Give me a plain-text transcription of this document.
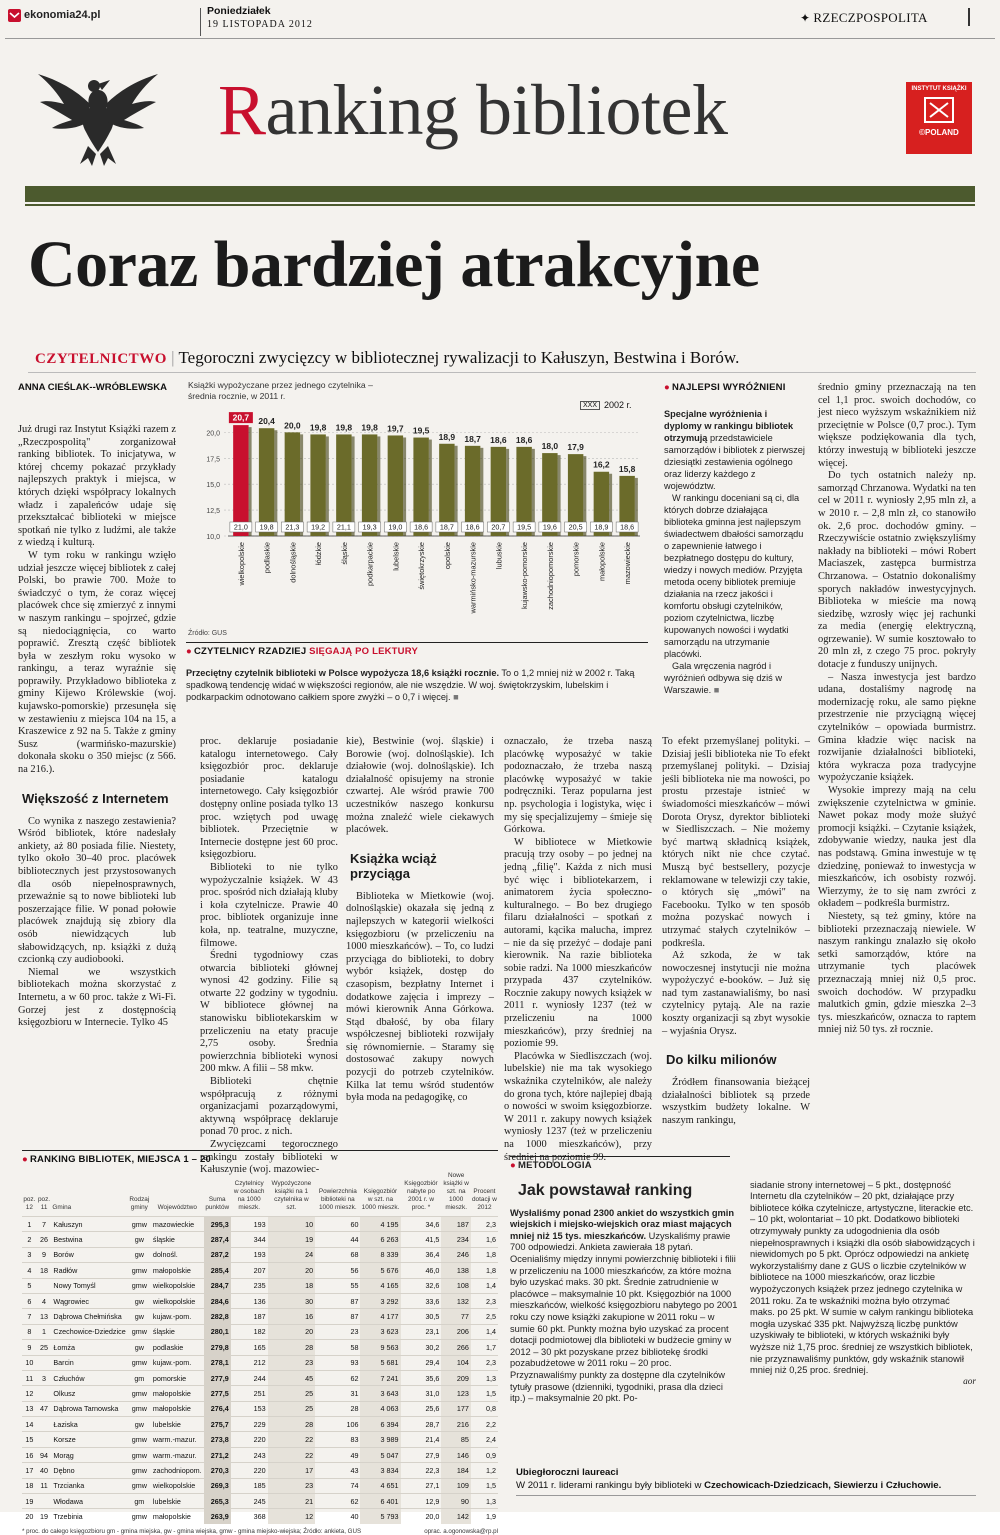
ekonomia24.pl	Poniedziałek
19 LISTOPADA 2012	✦ RZECZPOSPOLITA
Ranking bibliotek	INSTYTUT KSIĄŻKI
©POLAND
Coraz bardziej atrakcyjne
CZYTELNICTWO | Tegoroczni zwycięzcy w bibliotecznej rywalizacji to Kałuszyn, Bestwina i Borów.
ANNA CIEŚLAK--WRÓBLEWSKA

Już drugi raz Instytut Książki razem z „Rzeczpospolitą" zorganizował ranking bibliotek. To inicjatywa, w której chcemy pokazać przykłady najlepszych praktyk i miejsca, w których dzięki współpracy lokalnych władz i zapaleńców udaje się przekształcać biblioteki w miejsce spotkań nie tylko z ludźmi, ale także z wiedzą i kulturą.

W tym roku w rankingu wzięło udział jeszcze więcej bibliotek z całej Polski, bo prawie 700. Może to świadczyć o tym, że coraz więcej placówek chce się zmierzyć z innymi w naszym rankingu – spojrzeć, gdzie są niedociągnięcia, co warto poprawić. Zresztą część bibliotek była w zeszłym roku wysoko w rankingu, a teraz wyraźnie się poprawiły. Przykładowo biblioteka z gminy Kijewo Królewskie (woj. kujawsko-pomorskie) przesunęła się w zestawieniu z miejsca 104 na 15, a Kraszewice z 92 na 5. Także z gminy Susz (warmińsko-mazurskie) dokonała skoku o 350 miejsc (z 566. na 216.).

Większość z Internetem

Co wynika z naszego zestawienia? Wśród bibliotek, które nadesłały ankiety, aż 80 posiada filie. Niestety, tylko około 30–40 proc. placówek bibliotecznych jest przystosowanych dla osób niepełnosprawnych, przeważnie są to nowe biblioteki lub poszerzające filie. W ponad połowie placówek znajdują się zbiory dla osób niewidzących lub słabowidzących, np. książki z dużą czcionką czy audiobooki.

Niemal we wszystkich bibliotekach można skorzystać z Internetu, a w 60 proc. także z Wi-Fi. Gorzej jest z dostępnością księgozbioru w Internecie. Tylko 45

Książki wypożyczane przez jednego czytelnika – średnia rocznie, w 2011 r.
XXX 2002 r.
10,0
12,5
15,0
17,5
20,0
20,7
21,0
wielkopolskie
20,4
19,8
podlaskie
20,0
21,3
dolnośląskie
19,8
19,2
łódzkie
19,8
21,1
śląskie
19,8
19,3
podkarpackie
19,7
19,0
lubelskie
19,5
18,6
świętokrzyskie
18,9
18,7
opolskie
18,7
18,6
warmińsko-mazurskie
18,6
20,7
lubuskie
18,6
19,5
kujawsko-pomorskie
18,0
19,6
zachodniopomorskie
17,9
20,5
pomorskie
16,2
18,9
małopolskie
15,8
18,6
mazowieckie
Źródło: GUS
● CZYTELNICY RZADZIEJ SIĘGAJĄ PO LEKTURY
Przeciętny czytelnik biblioteki w Polsce wypożycza 18,6 książki rocznie. To o 1,2 mniej niż w 2002 r. Taką spadkową tendencję widać w większości regionów, ale nie wszędzie. W woj. świętokrzyskim, lubelskim i podkarpackim odnotowano całkiem spore zwyżki – o 0,7 i więcej. ■
● NAJLEPSI WYRÓŻNIENI
Specjalne wyróżnienia i dyplomy w rankingu bibliotek otrzymują przedstawiciele samorządów i bibliotek z pierwszej dziesiątki zestawienia ogólnego oraz liderzy każdego z województw.
W rankingu doceniani są ci, dla których dobrze działająca biblioteka gminna jest najlepszym świadectwem dbałości samorządu o zapewnienie łatwego i bezpłatnego dostępu do kultury, wiedzy i nowych mediów. Przyjęta metoda oceny bibliotek premiuje działania na rzecz jakości i komfortu obsługi czytelników, poziom czytelnictwa, liczbę kupowanych nowości i wydatki samorządu na utrzymanie placówki.
Gala wręczenia nagród i wyróżnień odbywa się dziś w Warszawie. ■

średnio gminy przeznaczają na ten cel 1,1 proc. swoich dochodów, co jest nieco wyższym wskaźnikiem niż przeciętnie w Polsce (0,7 proc.). Tym większe podziękowania dla tych, którzy inwestują w biblioteki jeszcze więcej.

Do tych ostatnich należy np. samorząd Chrzanowa. Wydatki na ten cel w 2011 r. wyniosły 2,95 mln zł, a w 2010 r. – 2,8 mln zł, co stanowiło ok. 2,6 proc. dochodów gminy. – Rzeczywiście ostatnio zwiększyliśmy nakłady na biblioteki – mówi Robert Maciaszek, zastępca burmistrza Chrzanowa. – Ostatnio dokonaliśmy sporych nakładów inwestycyjnych. Biblioteka w mieście ma nową siedzibę, wzrosły więc jej rachunki za media (energię elektryczną, ogrzewanie). W sumie kosztowało to 20 mln zł, z czego 75 proc. pokryły dotacje z funduszy unijnych.

– Nasza inwestycja jest bardzo udana, dostaliśmy nagrodę na modernizację roku, ale samo piękne przestrzenie nie przyciągną więcej czytelników – opowiada burmistrz. Gmina kładzie więc nacisk na rozwijanie działalności biblioteki, która wykracza poza tradycyjne wypożyczanie książek.

Wysokie imprezy mają na celu zwiększenie czytelnictwa w gminie. Nawet pokaz mody może służyć promocji książki. – Czytanie książek, zdobywanie wiedzy, nauka jest dla nas podstawą. Gmina inwestuje w tę dziedzinę, ponieważ to inwestycja w mieszkańców, ich osobisty rozwój. Wierzymy, że to się nam zwróci z okładem – podkreśla burmistrz.

Niestety, są też gminy, które na biblioteki przeznaczają niewiele. W naszym rankingu znalazło się około setki samorządów, które na utrzymanie tych placówek przeznaczają mniej niż 0,5 proc. swoich dochodów. W przypadku malutkich gmin, gdzie mieszka 2–3 tys. mieszkańców, oznacza to raptem mniej niż 50 tys. zł rocznie.

proc. deklaruje posiadanie katalogu internetowego. Cały księgozbiór proc. deklaruje posiadanie katalogu internetowego. Cały księgozbiór dostępny online posiada tylko 13 proc. wziętych pod uwagę bibliotek. Przeciętnie w Internecie dostępne jest 60 proc. księgozbioru.

Biblioteki to nie tylko wypożyczalnie książek. W 43 proc. spośród nich działają kluby i koła czytelnicze. Prawie 40 proc. bibliotek organizuje inne koła, np. teatralne, muzyczne, filmowe.

Średni tygodniowy czas otwarcia biblioteki głównej wynosi 42 godziny. Filie są otwarte 22 godziny w tygodniu. W bibliotece głównej na stanowisku bibliotekarskim w przeliczeniu na etaty pracuje 2,75 osoby. Średnia powierzchnia biblioteki wynosi 200 mkw. A filii – 58 mkw.

Biblioteki chętnie współpracują z różnymi organizacjami pozarządowymi, aktywną współpracę deklaruje ponad 70 proc. z nich.

Zwycięzcami tegorocznego rankingu zostały biblioteki w Kałuszynie (woj. mazowiec-

kie), Bestwinie (woj. śląskie) i Borowie (woj. dolnośląskie). Ich działowie (woj. dolnośląskie). Ich działalność opisujemy na stronie czwartej. Ale wśród prawie 700 uczestników naszego konkursu można znaleźć wiele ciekawych placówek.

Książka wciąż przyciąga

Biblioteka w Mietkowie (woj. dolnośląskie) okazała się jedną z najlepszych w kategorii wielkości księgozbioru (w przeliczeniu na 1000 mieszkańców). – To, co ludzi przyciąga do biblioteki, to dobry wybór książek, dostęp do czasopism, bezpłatny Internet i dodatkowe zajęcia i imprezy – mówi kierownik Anna Górkowa. Stąd dbałość, by oba filary współczesnej biblioteki rozwijały się równomiernie. – Staramy się dostosować zakupy nowych pozycji do potrzeb czytelników. Kilka lat temu wśród studentów była moda na pedagogikę, co

oznaczało, że trzeba naszą placówkę wyposażyć w takie podoznaczało, że trzeba naszą placówkę wyposażyć w takie podręczniki. Teraz popularna jest np. psychologia i logistyka, więc i my się specjalizujemy – śmieje się Górkowa.

W bibliotece w Mietkowie pracują trzy osoby – po jednej na jedną „filię". Każda z nich musi być więc i bibliotekarzem, i animatorem życia społeczno-kulturalnego. – Bo bez drugiego filaru działalności – spotkań z autorami, kącika malucha, imprez – nie da się przeżyć – dodaje pani kierownik. Na razie biblioteka sobie radzi. Na 1000 mieszkańców przypada 437 czytelników. Rocznie zakupy nowych książek w 2011 r. wyniosły 1237 (też w przeliczeniu na 1000 mieszkańców), przy średniej na poziomie 99.

Placówka w Siedliszczach (woj. lubelskie) nie ma tak wysokiego wskaźnika czytelników, ale należy do grona tych, które najlepiej dbają o nowości w swoim księgozbiorze. W 2011 r. zakupy nowych książek wyniosły 1237 (też w przeliczeniu na 1000 mieszkańców), przy średniej na poziomie 99.

To efekt przemyślanej polityki. – Dzisiaj jeśli biblioteka nie To efekt przemyślanej polityki. – Dzisiaj jeśli biblioteka nie ma nowości, po prostu przestaje istnieć w świadomości mieszkańców – mówi Dorota Orysz, dyrektor biblioteki w Siedliszczach. – Nie możemy być martwą składnicą książek, których nikt nie chce czytać. Muszą być bestsellery, pozycje reklamowane w telewizji czy takie, o których się „mówi" na Facebooku. Tylko w ten sposób można pozyskać nowych i utrzymać stałych czytelników – podkreśla.

Aż szkoda, że w tak nowoczesnej instytucji nie można wypożyczyć e-booków. – Już się nad tym zastanawialiśmy, bo nasi czytelnicy pytają. Ale na razie koszty organizacji są zbyt wysokie – wyjaśnia Orysz.

Do kilku milionów

Źródłem finansowania bieżącej działalności bibliotek są przede wszystkim budżety lokalne. W naszym rankingu,

● RANKING BIBLIOTEK, MIEJSCA 1 – 20
poz. 12	poz. 11	Gmina	Rodzaj gminy	Województwo	Suma punktów	Czytelnicy w osobach na 1000 mieszk.	Wypożyczone książki na 1 czytelnika w szt.	Powierzchnia biblioteki na 1000 mieszk.	Księgozbiór w szt. na 1000 mieszk.	Księgozbiór nabyte po 2001 r. w proc. *	Nowe książki w szt. na 1000 mieszk.	Procent dotacji w 2012
1	7	Kałuszyn	gmw	mazowieckie	295,3	193	10	60	4 195	34,6	187	2,3
2	26	Bestwina	gw	śląskie	287,4	344	19	44	6 263	41,5	234	1,6
3	9	Borów	gw	dolnośl.	287,2	193	24	68	8 339	36,4	246	1,8
4	18	Radłów	gmw	małopolskie	285,4	207	20	56	5 676	46,0	138	1,8
5		Nowy Tomyśl	gmw	wielkopolskie	284,7	235	18	55	4 165	32,6	108	1,4
6	4	Wągrowiec	gw	wielkopolskie	284,6	136	30	87	3 292	33,6	132	2,3
7	13	Dąbrowa Chełmińska	gw	kujaw.-pom.	282,8	187	16	87	4 177	30,5	77	2,5
8	1	Czechowice-Dziedzice	gmw	śląskie	280,1	182	20	23	3 623	23,1	206	1,4
9	25	Łomża	gw	podlaskie	279,8	165	28	58	9 563	30,2	266	1,7
10		Barcin	gmw	kujaw.-pom.	278,1	212	23	93	5 681	29,4	104	2,3
11	3	Człuchów	gm	pomorskie	277,9	244	45	62	7 241	35,6	209	1,3
12		Olkusz	gmw	małopolskie	277,5	251	25	31	3 643	31,0	123	1,5
13	47	Dąbrowa Tarnowska	gmw	małopolskie	276,4	153	25	28	4 063	25,6	177	0,8
14		Łaziska	gw	lubelskie	275,7	229	28	106	6 394	28,7	216	2,2
15		Korsze	gmw	warm.-mazur.	273,8	220	22	83	3 989	21,4	85	2,4
16	94	Morąg	gmw	warm.-mazur.	271,2	243	22	49	5 047	27,9	146	0,9
17	40	Dębno	gmw	zachodniopom.	270,3	220	17	43	3 834	22,3	184	1,2
18	11	Trzcianka	gmw	wielkopolskie	269,3	185	23	74	4 651	27,1	109	1,5
19		Włodawa	gm	lubelskie	265,3	245	21	62	6 401	12,9	90	1,3
20	19	Trzebinia	gmw	małopolskie	263,9	368	12	40	5 793	20,0	142	1,9
* proc. do całego księgozbioru gm - gmina miejska, gw - gmina wiejska, gmw - gmina miejsko-wiejska; Źródło: ankieta, GUS	oprac. a.ogonowska@rp.pl
● METODOLOGIA
Jak powstawał ranking
Wysłaliśmy ponad 2300 ankiet do wszystkich gmin wiejskich i miejsko-wiejskich oraz miast mających mniej niż 15 tys. mieszkańców. Uzyskaliśmy prawie 700 odpowiedzi. Ankieta zawierała 18 pytań. Ocenialiśmy między innymi powierzchnię biblioteki i filii w przeliczeniu na 1000 mieszkańców, za które można było uzyskać maks. 30 pkt. Średnie zatrudnienie w placówce – maksymalnie 10 pkt. Księgozbiór na 1000 mieszkańców, wielkość księgozbioru nabytego po 2001 roku czy nowe książki zakupione w 2011 roku – w sumie 60 pkt. Punkty można było uzyskać za procent dotacji podmiotowej dla biblioteki w budżecie gminy w 2012 – 30 pkt pozyskane przez bibliotekę środki pozabudżetowe w 2011 roku – 20 proc. Przyznawaliśmy punkty za dostępne dla czytelników tytuły prasowe (dzienniki, tygodniki, prasa dla dzieci itp.) – maksymalnie 20 pkt. Po-
siadanie strony internetowej – 5 pkt., dostępność Internetu dla czytelników – 20 pkt, działające przy bibliotece kółka czytelnicze, artystyczne, literackie etc. – 10 pkt, wolontariat – 10 pkt. Dodatkowo biblioteki otrzymywały punkty za udogodnienia dla osób niepełnosprawnych i książki dla osób słabowidzących i niewidomych po 5 pkt. Oprócz odpowiedzi na ankietę wykorzystaliśmy dane z GUS o liczbie czytelników w bibliotece na 1000 mieszkańców, oraz liczbie wypożyczonych książek przez jednego czytelnika w 2011 roku. Za te wskaźniki można było otrzymać maks. po 25 pkt. W sumie w całym rankingu biblioteka mogła uzyskać 335 pkt. Najwyższą liczbę punktów uzyskiwały te biblioteki, w których wskaźniki były wyższe niż 1,75 proc. średniej ze wszystkich bibliotek, nie przyznawaliśmy punktów, gdy wskaźnik stanowił mniej niż 0,25 proc. średniej.
aor
Ubiegłoroczni laureaci
W 2011 r. liderami rankingu były biblioteki w Czechowicach-Dziedzicach, Siewierzu i Człuchowie.
